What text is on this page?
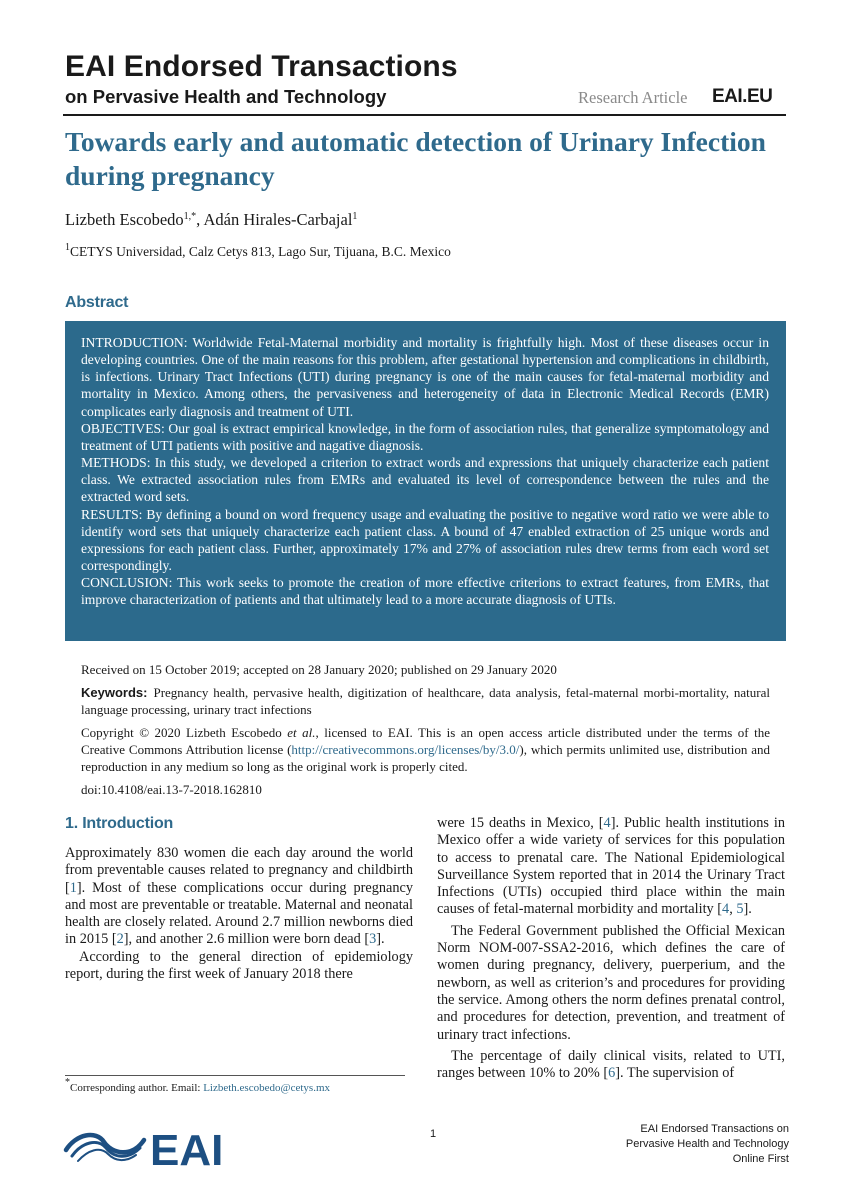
EAI Endorsed Transactions
on Pervasive Health and Technology	Research Article EAI.EU
Towards early and automatic detection of Urinary Infection during pregnancy
Lizbeth Escobedo$^{1,*}$, Adán Hirales-Carbajal$^1$
$^1$CETYS Universidad, Calz Cetys 813, Lago Sur, Tijuana, B.C. Mexico
Abstract

INTRODUCTION: Worldwide Fetal-Maternal morbidity and mortality is frightfully high. Most of these diseases occur in developing countries. One of the main reasons for this problem, after gestational hypertension and complications in childbirth, is infections. Urinary Tract Infections (UTI) during pregnancy is one of the main causes for fetal-maternal morbidity and mortality in Mexico. Among others, the pervasiveness and heterogeneity of data in Electronic Medical Records (EMR) complicates early diagnosis and treatment of UTI.

OBJECTIVES: Our goal is extract empirical knowledge, in the form of association rules, that generalize symptomatology and treatment of UTI patients with positive and nagative diagnosis.

METHODS: In this study, we developed a criterion to extract words and expressions that uniquely characterize each patient class. We extracted association rules from EMRs and evaluated its level of correspondence between the rules and the extracted word sets.

RESULTS: By defining a bound on word frequency usage and evaluating the positive to negative word ratio we were able to identify word sets that uniquely characterize each patient class. A bound of 47 enabled extraction of 25 unique words and expressions for each patient class. Further, approximately 17% and 27% of association rules drew terms from each word set correspondingly.

CONCLUSION: This work seeks to promote the creation of more effective criterions to extract features, from EMRs, that improve characterization of patients and that ultimately lead to a more accurate diagnosis of UTIs.

Received on 15 October 2019; accepted on 28 January 2020; published on 29 January 2020

Keywords: Pregnancy health, pervasive health, digitization of healthcare, data analysis, fetal-maternal morbi-mortality, natural language processing, urinary tract infections

Copyright © 2020 Lizbeth Escobedo et al., licensed to EAI. This is an open access article distributed under the terms of the Creative Commons Attribution license (http://creativecommons.org/licenses/by/3.0/), which permits unlimited use, distribution and reproduction in any medium so long as the original work is properly cited.

doi:10.4108/eai.13-7-2018.162810

1. Introduction

Approximately 830 women die each day around the world from preventable causes related to pregnancy and childbirth [1]. Most of these complications occur during pregnancy and most are preventable or treatable. Maternal and neonatal health are closely related. Around 2.7 million newborns died in 2015 [2], and another 2.6 million were born dead [3].

According to the general direction of epidemiology report, during the first week of January 2018 there

were 15 deaths in Mexico, [4]. Public health institutions in Mexico offer a wide variety of services for this population to access to prenatal care. The National Epidemiological Surveillance System reported that in 2014 the Urinary Tract Infections (UTIs) occupied third place within the main causes of fetal-maternal morbidity and mortality [4, 5].

The Federal Government published the Official Mexican Norm NOM-007-SSA2-2016, which defines the care of women during pregnancy, delivery, puerperium, and the newborn, as well as criterion’s and procedures for providing the service. Among others the norm defines prenatal control, and procedures for detection, prevention, and treatment of urinary tract infections.

The percentage of daily clinical visits, related to UTI, ranges between 10% to 20% [6]. The supervision of

*Corresponding author. Email: Lizbeth.escobedo@cetys.mx
EAI	1	EAI Endorsed Transactions on
Pervasive Health and Technology
Online First
